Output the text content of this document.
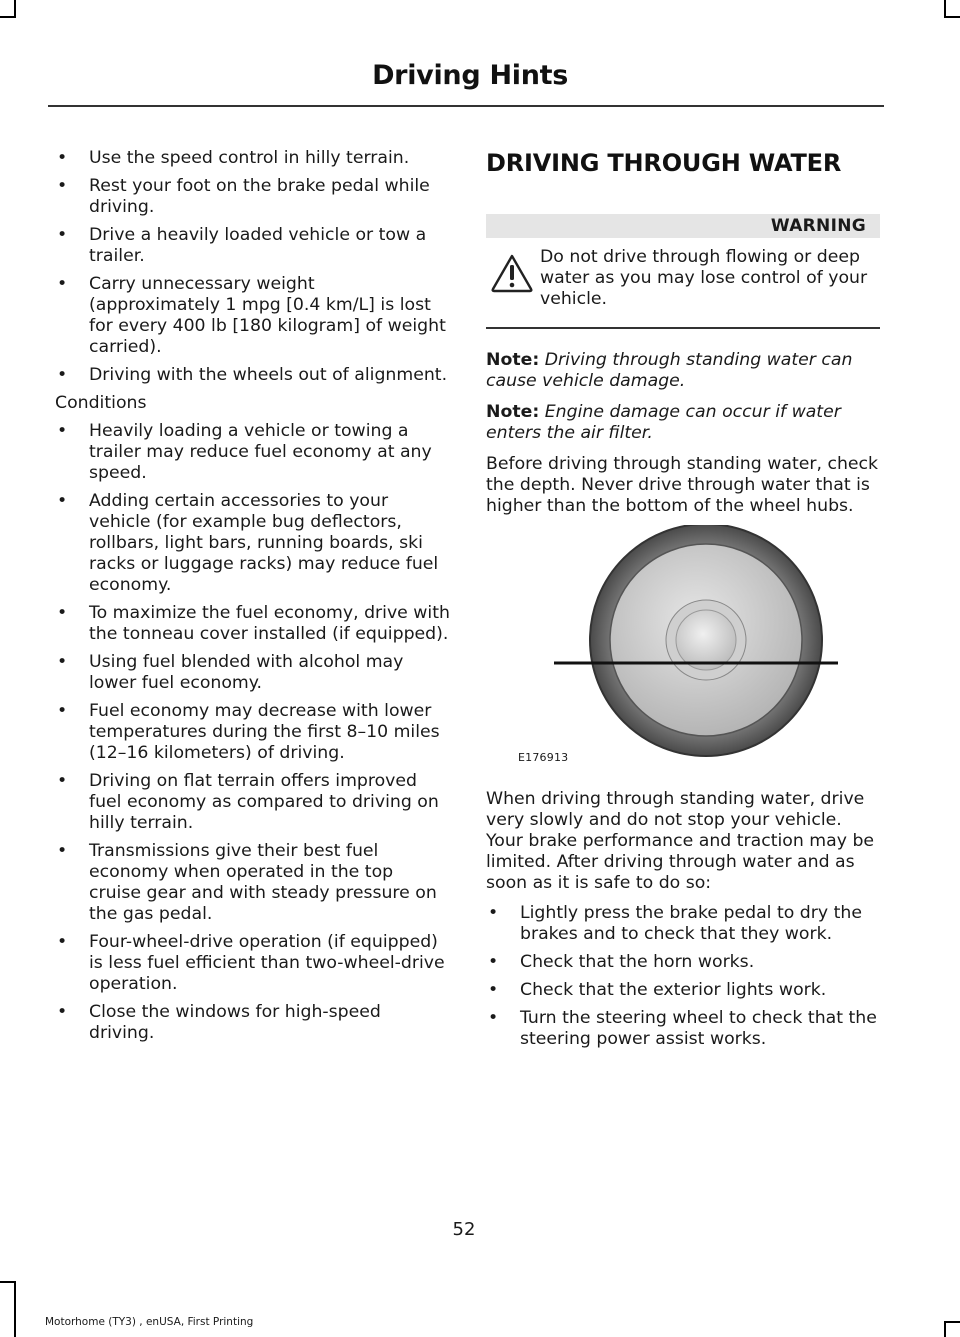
Driving Hints
• Use the speed control in hilly terrain.
• Rest your foot on the brake pedal while driving.
• Drive a heavily loaded vehicle or tow a trailer.
• Carry unnecessary weight (approximately 1 mpg [0.4 km/L] is lost for every 400 lb [180 kilogram] of weight carried).
• Driving with the wheels out of alignment.

Conditions

• Heavily loading a vehicle or towing a trailer may reduce fuel economy at any speed.
• Adding certain accessories to your vehicle (for example bug deflectors, rollbars, light bars, running boards, ski racks or luggage racks) may reduce fuel economy.
• To maximize the fuel economy, drive with the tonneau cover installed (if equipped).
• Using fuel blended with alcohol may lower fuel economy.
• Fuel economy may decrease with lower temperatures during the first 8–10 miles (12–16 kilometers) of driving.
• Driving on flat terrain offers improved fuel economy as compared to driving on hilly terrain.
• Transmissions give their best fuel economy when operated in the top cruise gear and with steady pressure on the gas pedal.
• Four-wheel-drive operation (if equipped) is less fuel efficient than two-wheel-drive operation.
• Close the windows for high-speed driving.
DRIVING THROUGH WATER
WARNING
Do not drive through flowing or deep water as you may lose control of your vehicle.

Note: Driving through standing water can cause vehicle damage.

Note: Engine damage can occur if water enters the air filter.

Before driving through standing water, check the depth. Never drive through water that is higher than the bottom of the wheel hubs.

E176913

When driving through standing water, drive very slowly and do not stop your vehicle. Your brake performance and traction may be limited. After driving through water and as soon as it is safe to do so:

• Lightly press the brake pedal to dry the brakes and to check that they work.
• Check that the horn works.
• Check that the exterior lights work.
• Turn the steering wheel to check that the steering power assist works.
52
Motorhome (TY3) , enUSA, First Printing
